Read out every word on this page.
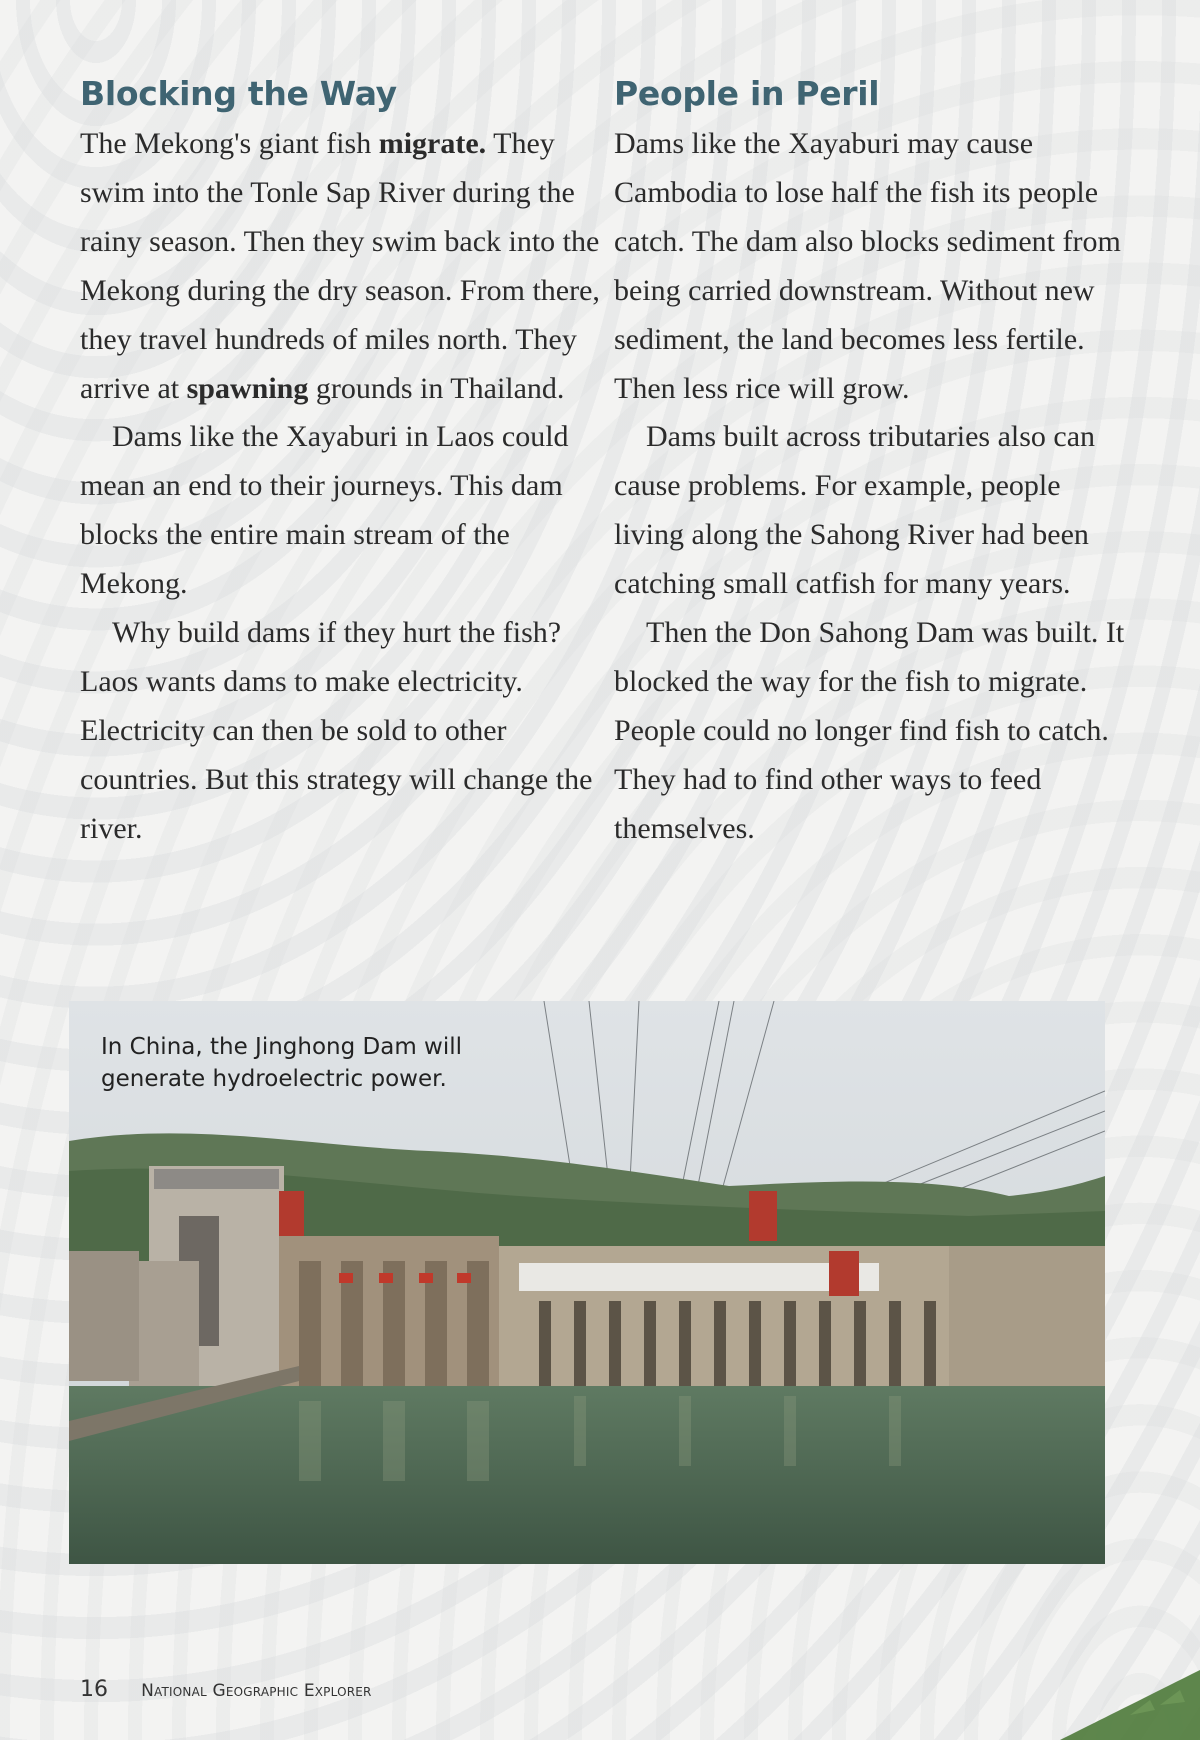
Blocking the Way

The Mekong's giant fish migrate. They swim into the Tonle Sap River during the rainy season. Then they swim back into the Mekong during the dry season. From there, they travel hundreds of miles north. They arrive at spawning grounds in Thailand.

Dams like the Xayaburi in Laos could mean an end to their journeys. This dam blocks the entire main stream of the Mekong.

Why build dams if they hurt the fish? Laos wants dams to make electricity. Electricity can then be sold to other countries. But this strategy will change the river.

People in Peril

Dams like the Xayaburi may cause Cambodia to lose half the fish its people catch. The dam also blocks sediment from being carried downstream. Without new sediment, the land becomes less fertile. Then less rice will grow.

Dams built across tributaries also can cause problems. For example, people living along the Sahong River had been catching small catfish for many years.

Then the Don Sahong Dam was built. It blocked the way for the fish to migrate. People could no longer find fish to catch. They had to find other ways to feed themselves.

In China, the Jinghong Dam will generate hydroelectric power.
16 National Geographic Explorer
